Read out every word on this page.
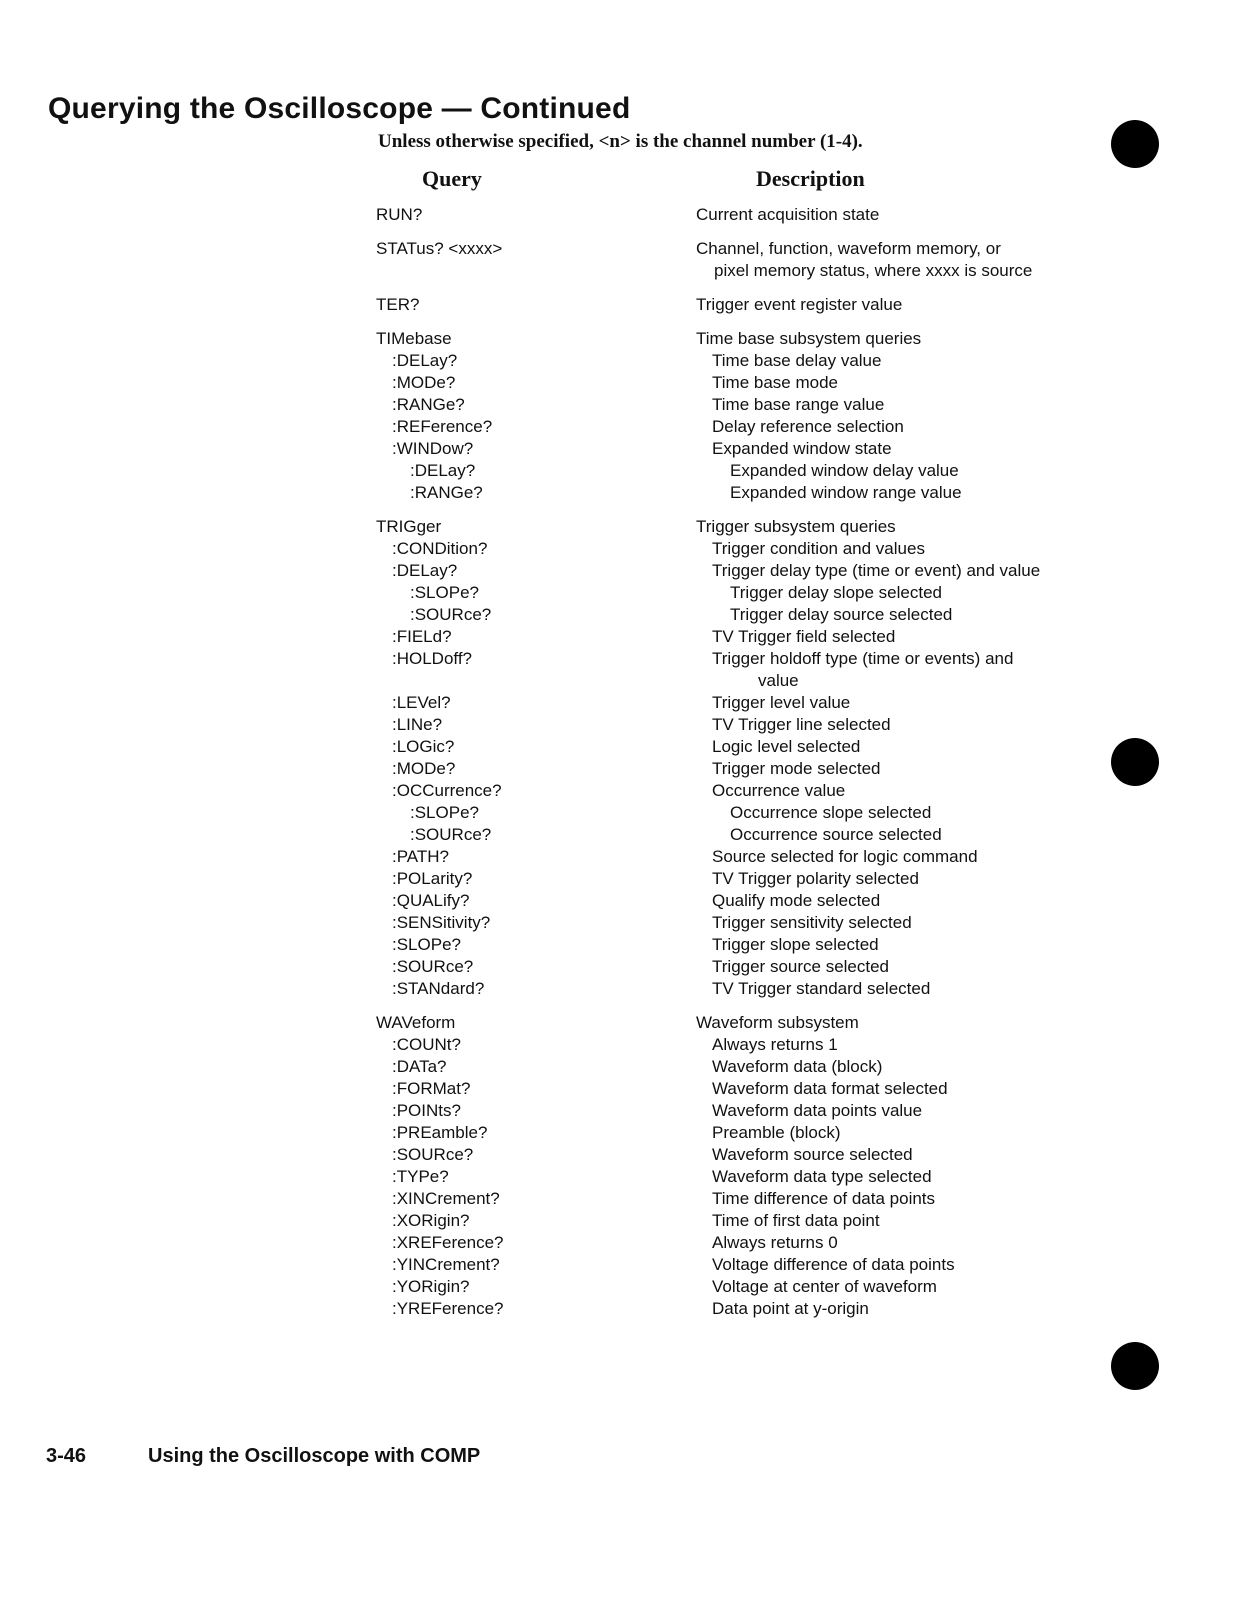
Querying the Oscilloscope — Continued

Unless otherwise specified, <n> is the channel number (1-4).

Query	Description

RUN?	Current acquisition state
STATus? <xxxx>	Channel, function, waveform memory, or
pixel memory status, where xxxx is source
TER?	Trigger event register value
TIMebase	Time base subsystem queries
:DELay?	Time base delay value
:MODe?	Time base mode
:RANGe?	Time base range value
:REFerence?	Delay reference selection
:WINDow?	Expanded window state
:DELay?	Expanded window delay value
:RANGe?	Expanded window range value
TRIGger	Trigger subsystem queries
:CONDition?	Trigger condition and values
:DELay?	Trigger delay type (time or event) and value
:SLOPe?	Trigger delay slope selected
:SOURce?	Trigger delay source selected
:FIELd?	TV Trigger field selected
:HOLDoff?	Trigger holdoff type (time or events) and
value
:LEVel?	Trigger level value
:LINe?	TV Trigger line selected
:LOGic?	Logic level selected
:MODe?	Trigger mode selected
:OCCurrence?	Occurrence value
:SLOPe?	Occurrence slope selected
:SOURce?	Occurrence source selected
:PATH?	Source selected for logic command
:POLarity?	TV Trigger polarity selected
:QUALify?	Qualify mode selected
:SENSitivity?	Trigger sensitivity selected
:SLOPe?	Trigger slope selected
:SOURce?	Trigger source selected
:STANdard?	TV Trigger standard selected
WAVeform	Waveform subsystem
:COUNt?	Always returns 1
:DATa?	Waveform data (block)
:FORMat?	Waveform data format selected
:POINts?	Waveform data points value
:PREamble?	Preamble (block)
:SOURce?	Waveform source selected
:TYPe?	Waveform data type selected
:XINCrement?	Time difference of data points
:XORigin?	Time of first data point
:XREFerence?	Always returns 0
:YINCrement?	Voltage difference of data points
:YORigin?	Voltage at center of waveform
:YREFerence?	Data point at y-origin

3-46	Using the Oscilloscope with COMP
